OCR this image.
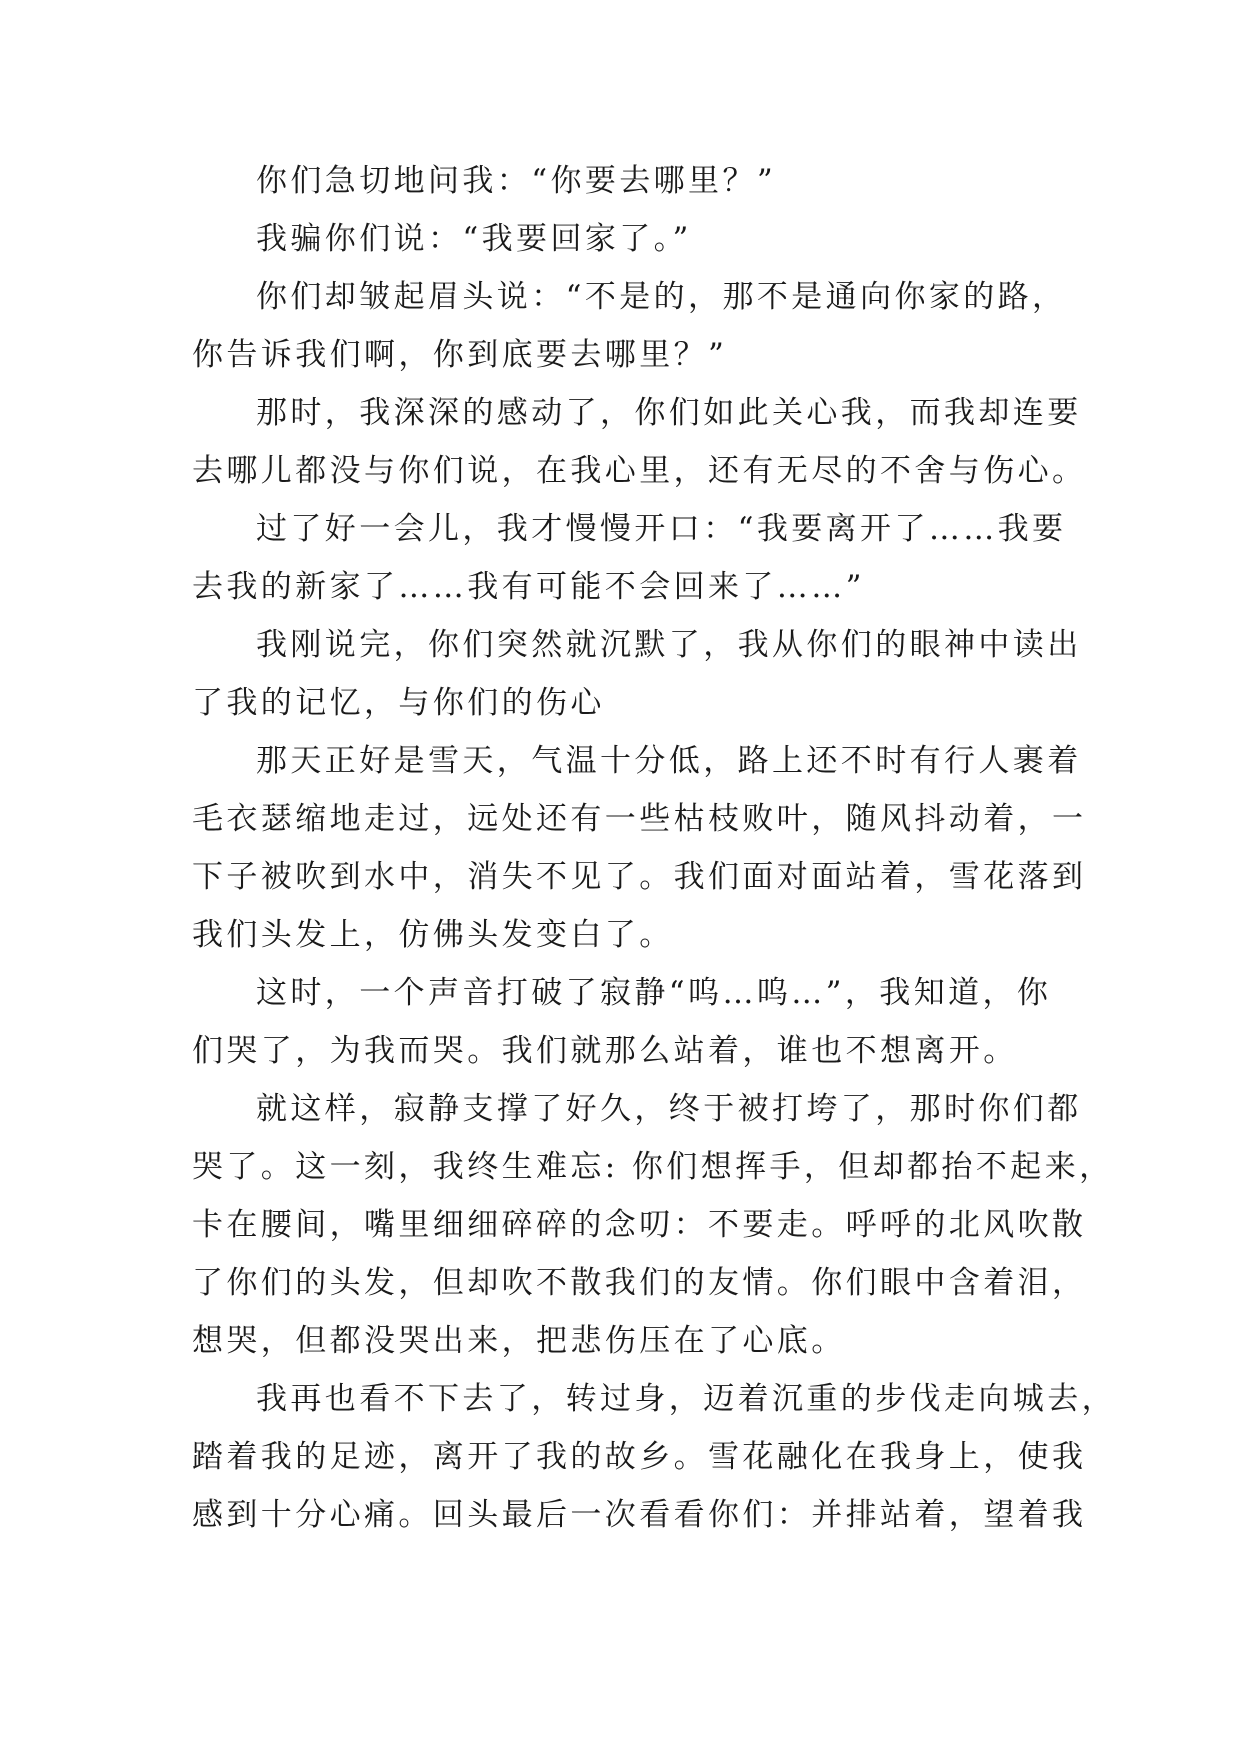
你们急切地问我：“你要去哪里？”

我骗你们说：“我要回家了。”

你们却皱起眉头说：“不是的，那不是通向你家的路，
你告诉我们啊，你到底要去哪里？”

那时，我深深的感动了，你们如此关心我，而我却连要
去哪儿都没与你们说，在我心里，还有无尽的不舍与伤心。

过了好一会儿，我才慢慢开口：“我要离开了……我要
去我的新家了……我有可能不会回来了……”

我刚说完，你们突然就沉默了，我从你们的眼神中读出
了我的记忆，与你们的伤心

那天正好是雪天，气温十分低，路上还不时有行人裹着
毛衣瑟缩地走过，远处还有一些枯枝败叶，随风抖动着，一
下子被吹到水中，消失不见了。我们面对面站着，雪花落到
我们头发上，仿佛头发变白了。

这时，一个声音打破了寂静“呜…呜…”，我知道，你
们哭了，为我而哭。我们就那么站着，谁也不想离开。

就这样，寂静支撑了好久，终于被打垮了，那时你们都
哭了。这一刻，我终生难忘: 你们想挥手，但却都抬不起来，
卡在腰间，嘴里细细碎碎的念叨：不要走。呼呼的北风吹散
了你们的头发，但却吹不散我们的友情。你们眼中含着泪，
想哭，但都没哭出来，把悲伤压在了心底。

我再也看不下去了，转过身，迈着沉重的步伐走向城去，
踏着我的足迹，离开了我的故乡。雪花融化在我身上，使我
感到十分心痛。回头最后一次看看你们：并排站着，望着我
